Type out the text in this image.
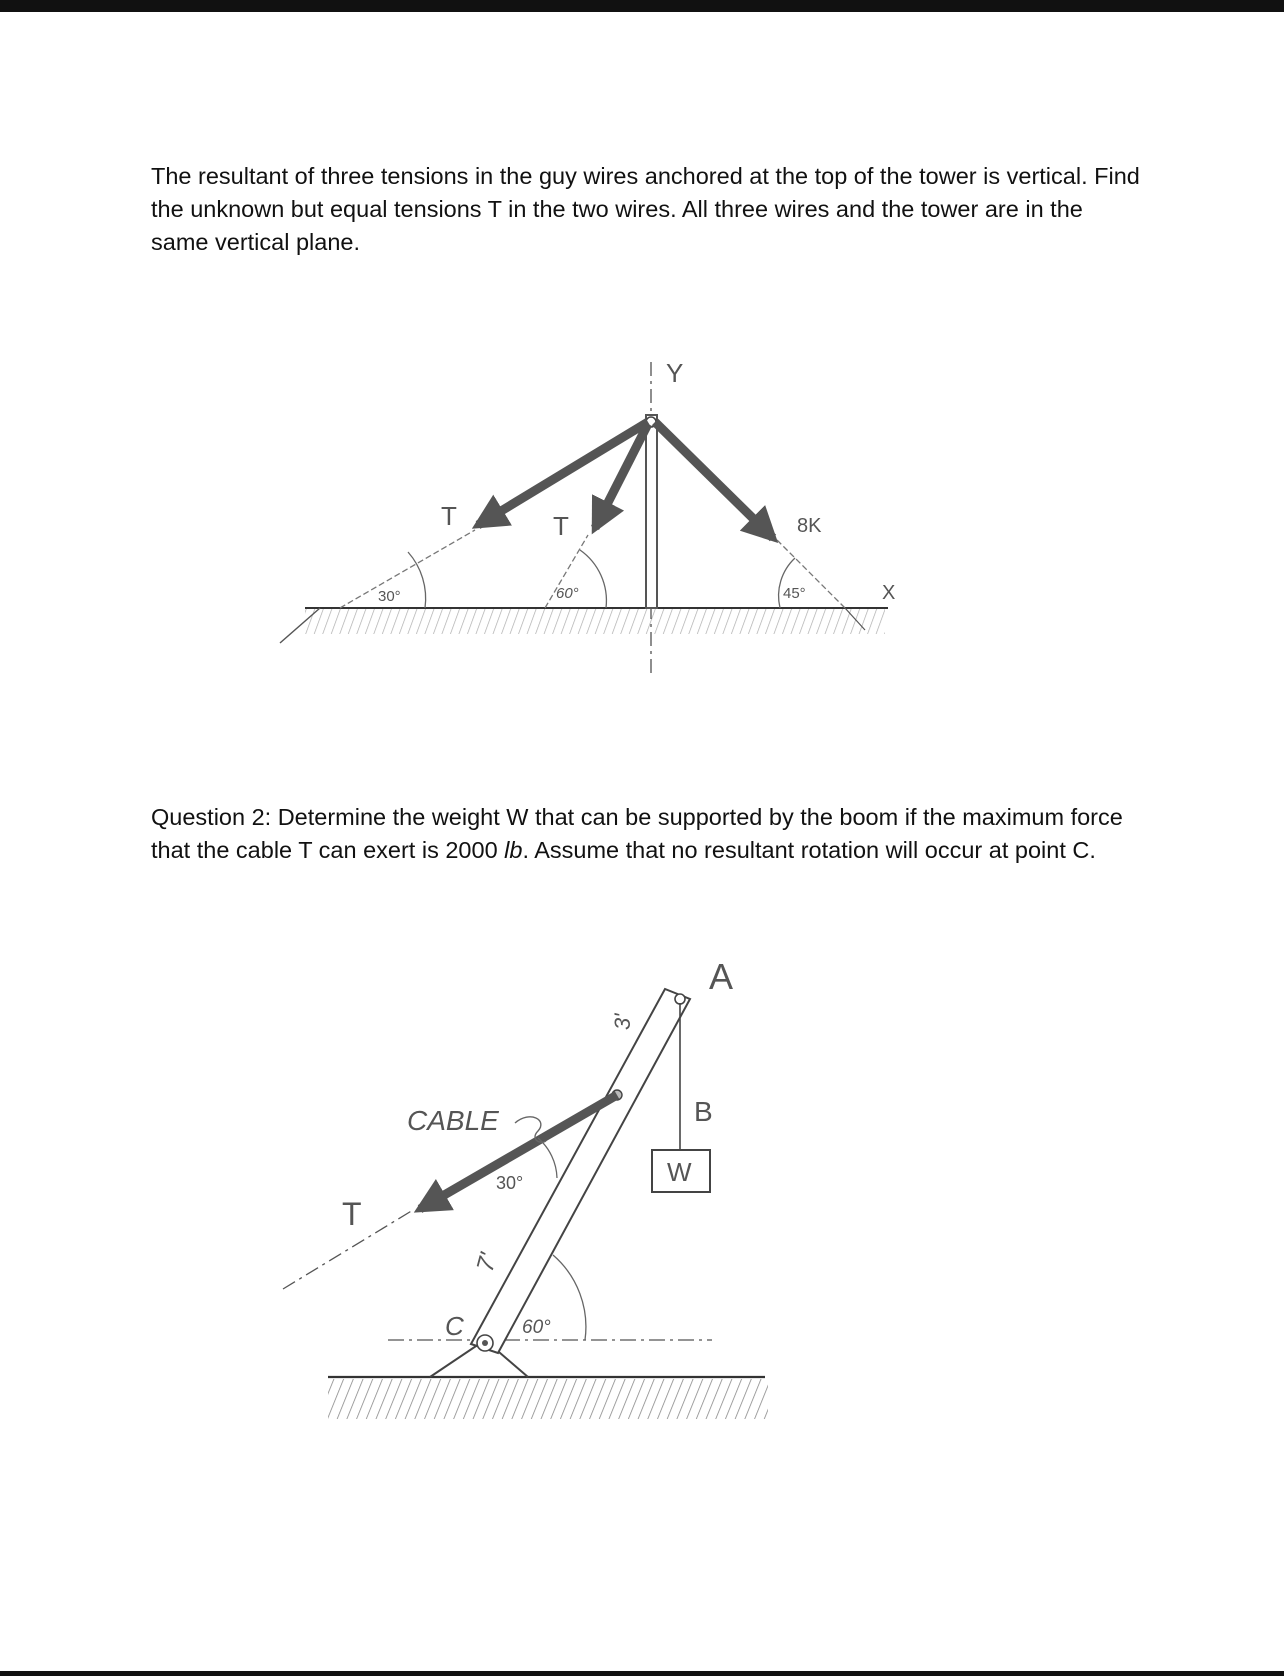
The resultant of three tensions in the guy wires anchored at the top of the tower is vertical. Find the unknown but equal tensions T in the two wires. All three wires and the tower are in the same vertical plane.

Y
X
T	T	8K
30°	60°	45°

Question 2: Determine the weight W that can be supported by the boom if the maximum force that the cable T can exert is 2000 lb. Assume that no resultant rotation will occur at point C.

A
B
C
CABLE
T
W
30°
60°
3'
7'
